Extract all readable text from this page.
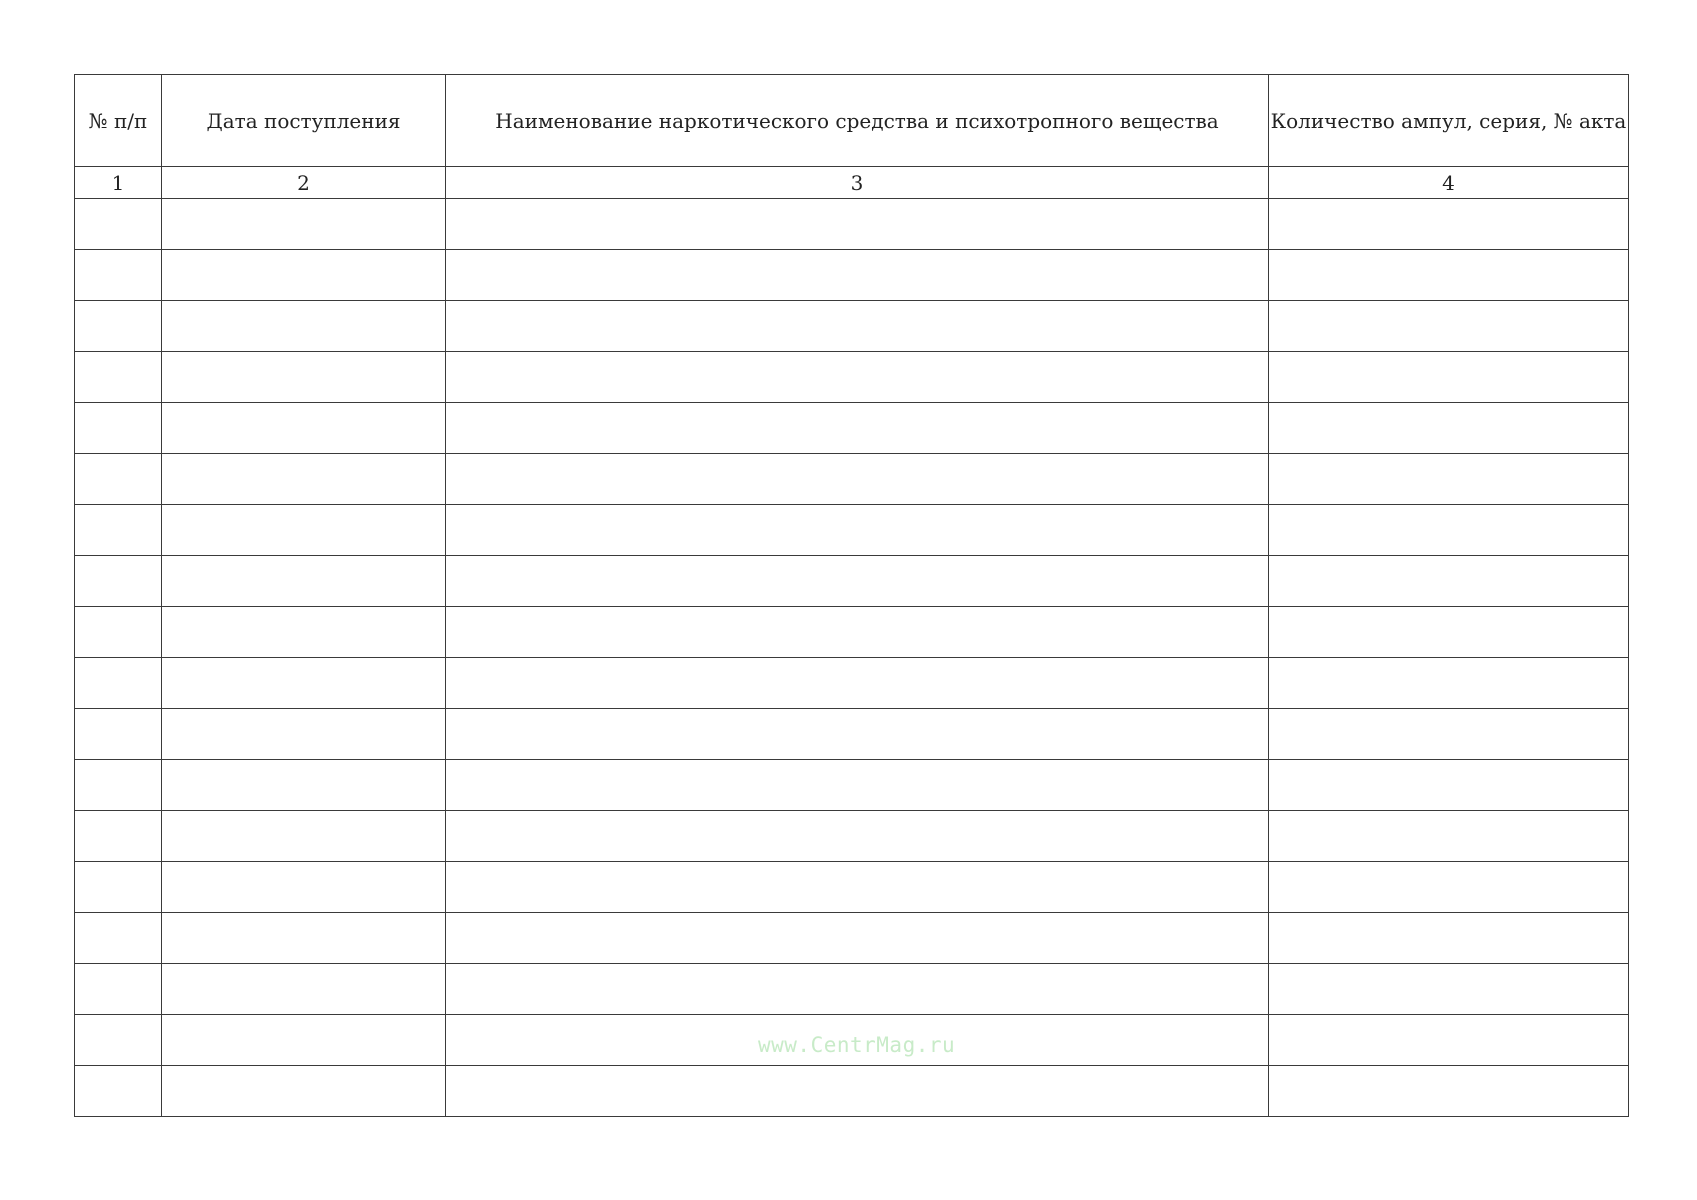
№ п/п	Дата поступления	Наименование наркотического средства и психотропного вещества	Количество ампул, серия, № акта
1	2	3	4

www.CentrMag.ru
